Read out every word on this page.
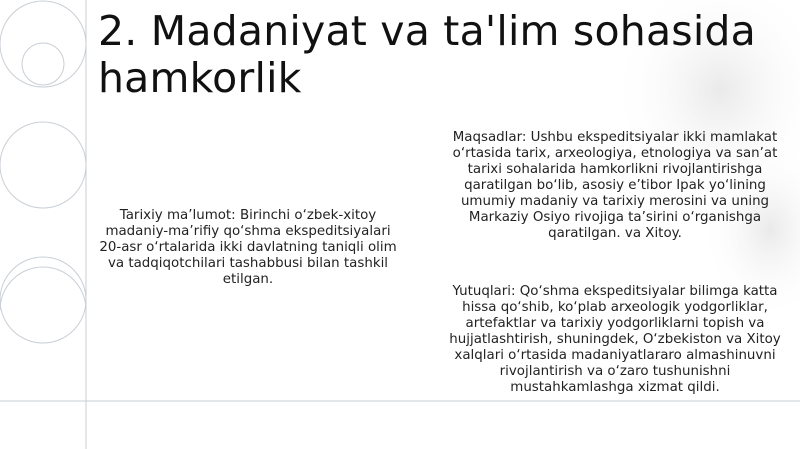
2. Madaniyat va ta'lim sohasida hamkorlik
Tarixiy ma’lumot: Birinchi o‘zbek-xitoy madaniy-ma’rifiy qo‘shma ekspeditsiyalari 20-asr o‘rtalarida ikki davlatning taniqli olim va tadqiqotchilari tashabbusi bilan tashkil etilgan.

Maqsadlar: Ushbu ekspeditsiyalar ikki mamlakat o‘rtasida tarix, arxeologiya, etnologiya va san’at tarixi sohalarida hamkorlikni rivojlantirishga qaratilgan bo‘lib, asosiy e’tibor Ipak yo‘lining umumiy madaniy va tarixiy merosini va uning Markaziy Osiyo rivojiga ta’sirini o‘rganishga qaratilgan. va Xitoy.

Yutuqlari: Qo‘shma ekspeditsiyalar bilimga katta hissa qo‘shib, ko‘plab arxeologik yodgorliklar, artefaktlar va tarixiy yodgorliklarni topish va hujjatlashtirish, shuningdek, O‘zbekiston va Xitoy xalqlari o‘rtasida madaniyatlararo almashinuvni rivojlantirish va o‘zaro tushunishni mustahkamlashga xizmat qildi.
